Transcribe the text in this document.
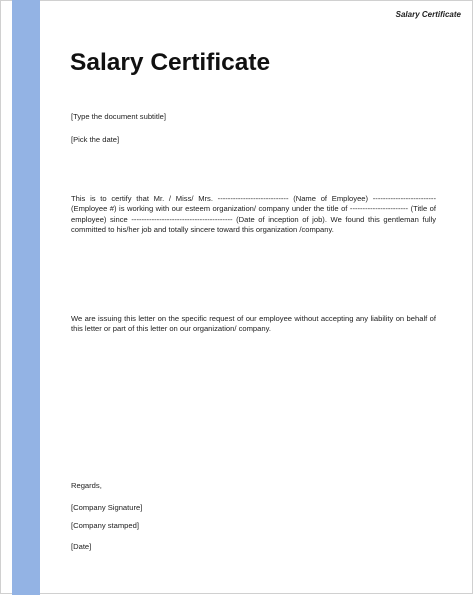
Salary Certificate
Salary Certificate
[Type the document subtitle]
[Pick the date]

This is to certify that Mr. / Miss/ Mrs. ---------------------------- (Name of Employee) ------------------------- (Employee #) is working with our esteem organization/ company under the title of ----------------------- (Title of employee) since ---------------------------------------- (Date of inception of job). We found this gentleman fully committed to his/her job and totally sincere toward this organization /company.

We are issuing this letter on the specific request of our employee without accepting any liability on behalf of this letter or part of this letter on our organization/ company.

Regards,
[Company Signature]
[Company stamped]
[Date]
